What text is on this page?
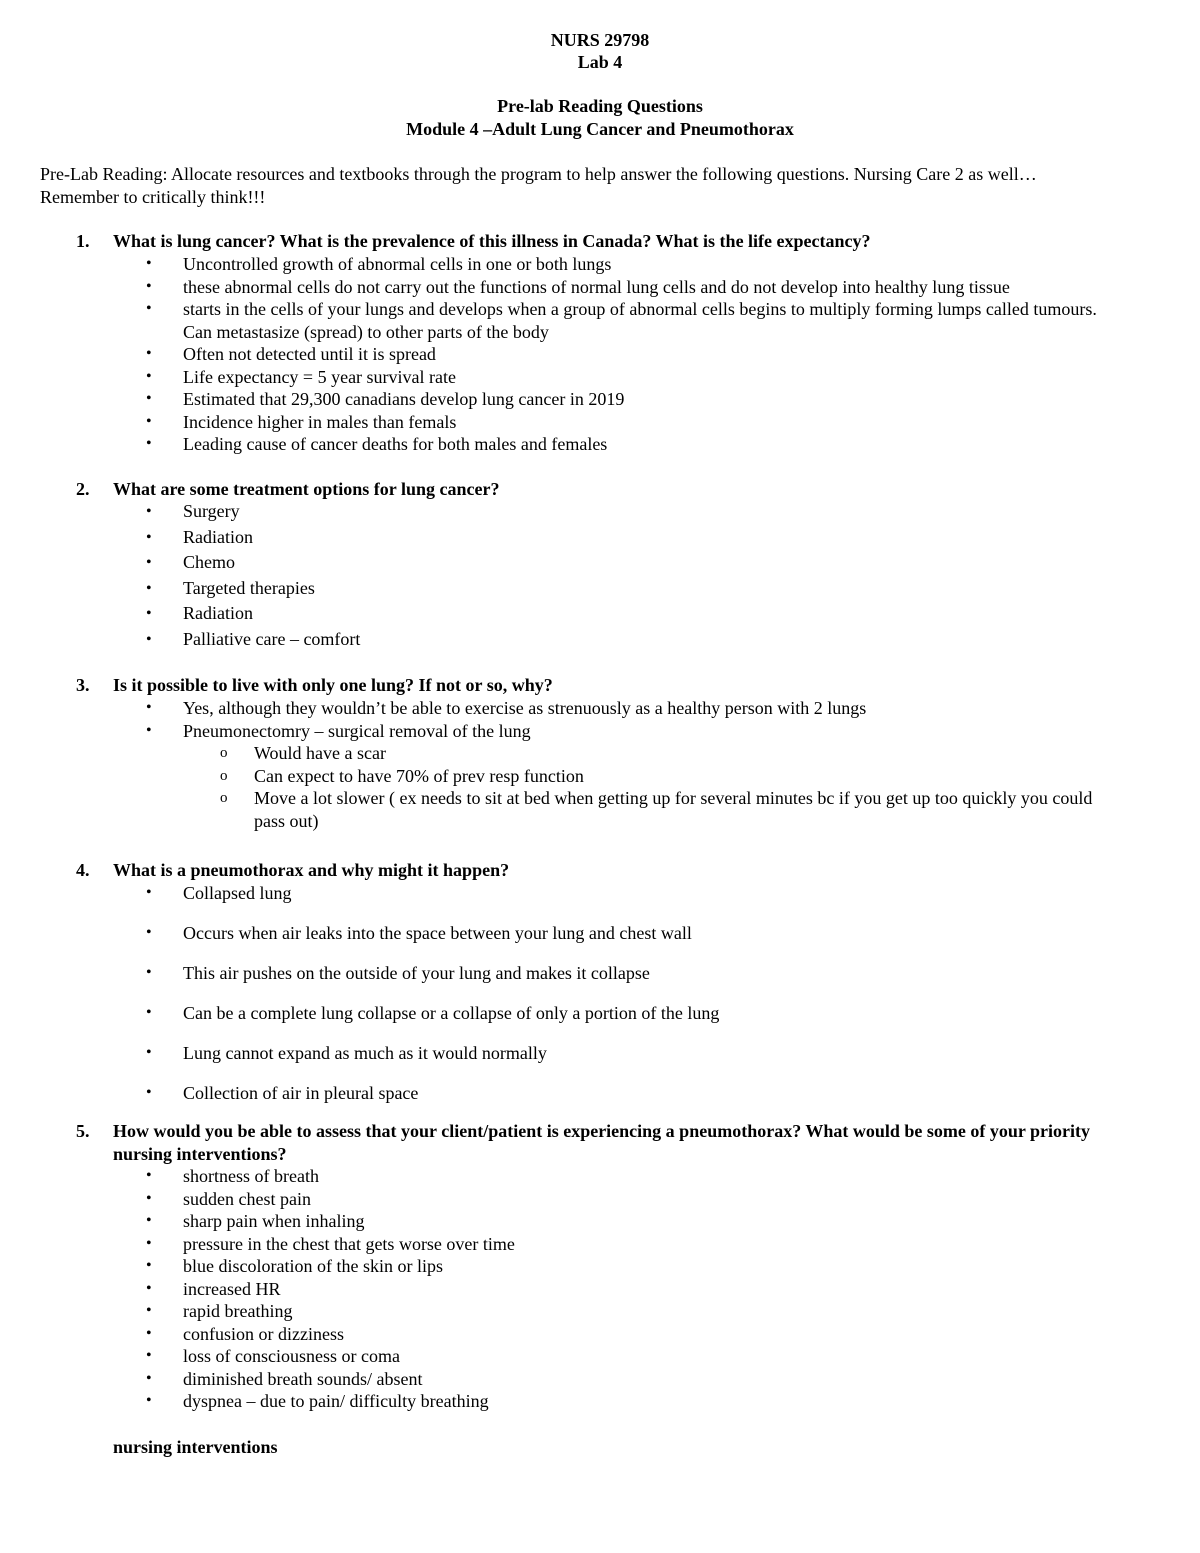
NURS 29798
Lab 4
Pre-lab Reading Questions
Module 4 –Adult Lung Cancer and Pneumothorax
Pre-Lab Reading: Allocate resources and textbooks through the program to help answer the following questions. Nursing Care 2 as well…Remember to critically think!!!
1. What is lung cancer? What is the prevalence of this illness in Canada? What is the life expectancy?
• Uncontrolled growth of abnormal cells in one or both lungs
• these abnormal cells do not carry out the functions of normal lung cells and do not develop into healthy lung tissue
• starts in the cells of your lungs and develops when a group of abnormal cells begins to multiply forming lumps called tumours. Can metastasize (spread) to other parts of the body
• Often not detected until it is spread
• Life expectancy = 5 year survival rate
• Estimated that 29,300 canadians develop lung cancer in 2019
• Incidence higher in males than femals
• Leading cause of cancer deaths for both males and females
2. What are some treatment options for lung cancer?
• Surgery
• Radiation
• Chemo
• Targeted therapies
• Radiation
• Palliative care – comfort
3. Is it possible to live with only one lung? If not or so, why?
• Yes, although they wouldn’t be able to exercise as strenuously as a healthy person with 2 lungs
• Pneumonectomry – surgical removal of the lung
o Would have a scar
o Can expect to have 70% of prev resp function
o Move a lot slower ( ex needs to sit at bed when getting up for several minutes bc if you get up too quickly you could pass out)
4. What is a pneumothorax and why might it happen?
• Collapsed lung
• Occurs when air leaks into the space between your lung and chest wall
• This air pushes on the outside of your lung and makes it collapse
• Can be a complete lung collapse or a collapse of only a portion of the lung
• Lung cannot expand as much as it would normally
• Collection of air in pleural space
5. How would you be able to assess that your client/patient is experiencing a pneumothorax? What would be some of your priority nursing interventions?
• shortness of breath
• sudden chest pain
• sharp pain when inhaling
• pressure in the chest that gets worse over time
• blue discoloration of the skin or lips
• increased HR
• rapid breathing
• confusion or dizziness
• loss of consciousness or coma
• diminished breath sounds/ absent
• dyspnea – due to pain/ difficulty breathing
nursing interventions
